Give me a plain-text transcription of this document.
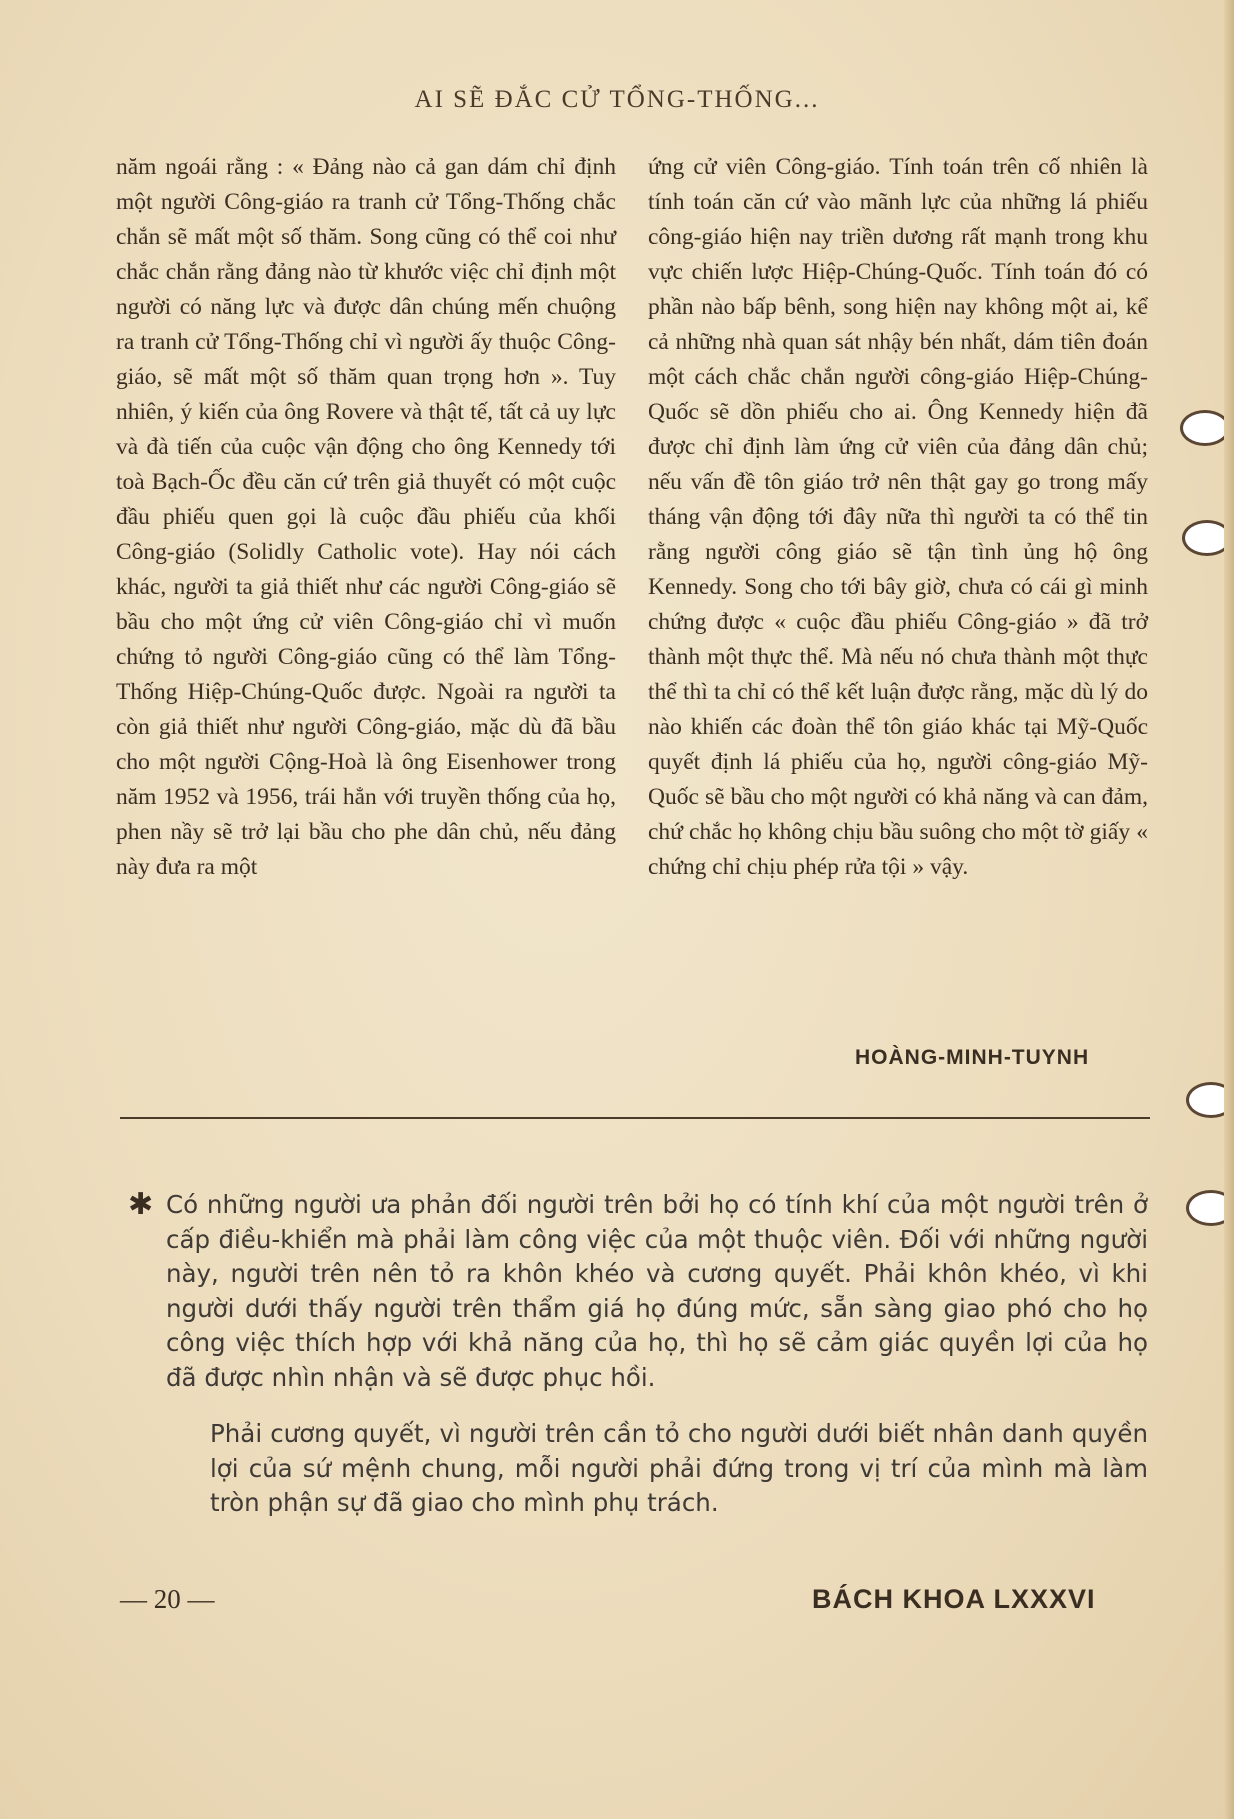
AI SẼ ĐẮC CỬ TỔNG-THỐNG...

năm ngoái rằng : « Đảng nào cả gan dám chỉ định một người Công-giáo ra tranh cử Tổng-Thống chắc chắn sẽ mất một số thăm. Song cũng có thể coi như chắc chắn rằng đảng nào từ khước việc chỉ định một người có năng lực và được dân chúng mến chuộng ra tranh cử Tổng-Thống chỉ vì người ấy thuộc Công-giáo, sẽ mất một số thăm quan trọng hơn ». Tuy nhiên, ý kiến của ông Rovere và thật tế, tất cả uy lực và đà tiến của cuộc vận động cho ông Kennedy tới toà Bạch-Ốc đều căn cứ trên giả thuyết có một cuộc đầu phiếu quen gọi là cuộc đầu phiếu của khối Công-giáo (Solidly Catholic vote). Hay nói cách khác, người ta giả thiết như các người Công-giáo sẽ bầu cho một ứng cử viên Công-giáo chỉ vì muốn chứng tỏ người Công-giáo cũng có thể làm Tổng-Thống Hiệp-Chúng-Quốc được. Ngoài ra người ta còn giả thiết như người Công-giáo, mặc dù đã bầu cho một người Cộng-Hoà là ông Eisenhower trong năm 1952 và 1956, trái hẳn với truyền thống của họ, phen nầy sẽ trở lại bầu cho phe dân chủ, nếu đảng này đưa ra một

ứng cử viên Công-giáo. Tính toán trên cố nhiên là tính toán căn cứ vào mãnh lực của những lá phiếu công-giáo hiện nay triền dương rất mạnh trong khu vực chiến lược Hiệp-Chúng-Quốc. Tính toán đó có phần nào bấp bênh, song hiện nay không một ai, kể cả những nhà quan sát nhậy bén nhất, dám tiên đoán một cách chắc chắn người công-giáo Hiệp-Chúng-Quốc sẽ dồn phiếu cho ai. Ông Kennedy hiện đã được chỉ định làm ứng cử viên của đảng dân chủ; nếu vấn đề tôn giáo trở nên thật gay go trong mấy tháng vận động tới đây nữa thì người ta có thể tin rằng người công giáo sẽ tận tình ủng hộ ông Kennedy. Song cho tới bây giờ, chưa có cái gì minh chứng được « cuộc đầu phiếu Công-giáo » đã trở thành một thực thể. Mà nếu nó chưa thành một thực thể thì ta chỉ có thể kết luận được rằng, mặc dù lý do nào khiến các đoàn thể tôn giáo khác tại Mỹ-Quốc quyết định lá phiếu của họ, người công-giáo Mỹ-Quốc sẽ bầu cho một người có khả năng và can đảm, chứ chắc họ không chịu bầu suông cho một tờ giấy « chứng chỉ chịu phép rửa tội » vậy.

HOÀNG-MINH-TUYNH
✱ Có những người ưa phản đối người trên bởi họ có tính khí của một người trên ở cấp điều-khiển mà phải làm công việc của một thuộc viên. Đối với những người này, người trên nên tỏ ra khôn khéo và cương quyết. Phải khôn khéo, vì khi người dưới thấy người trên thẩm giá họ đúng mức, sẵn sàng giao phó cho họ công việc thích hợp với khả năng của họ, thì họ sẽ cảm giác quyền lợi của họ đã được nhìn nhận và sẽ được phục hồi.

Phải cương quyết, vì người trên cần tỏ cho người dưới biết nhân danh quyền lợi của sứ mệnh chung, mỗi người phải đứng trong vị trí của mình mà làm tròn phận sự đã giao cho mình phụ trách.

— 20 —	BÁCH KHOA LXXXVI
